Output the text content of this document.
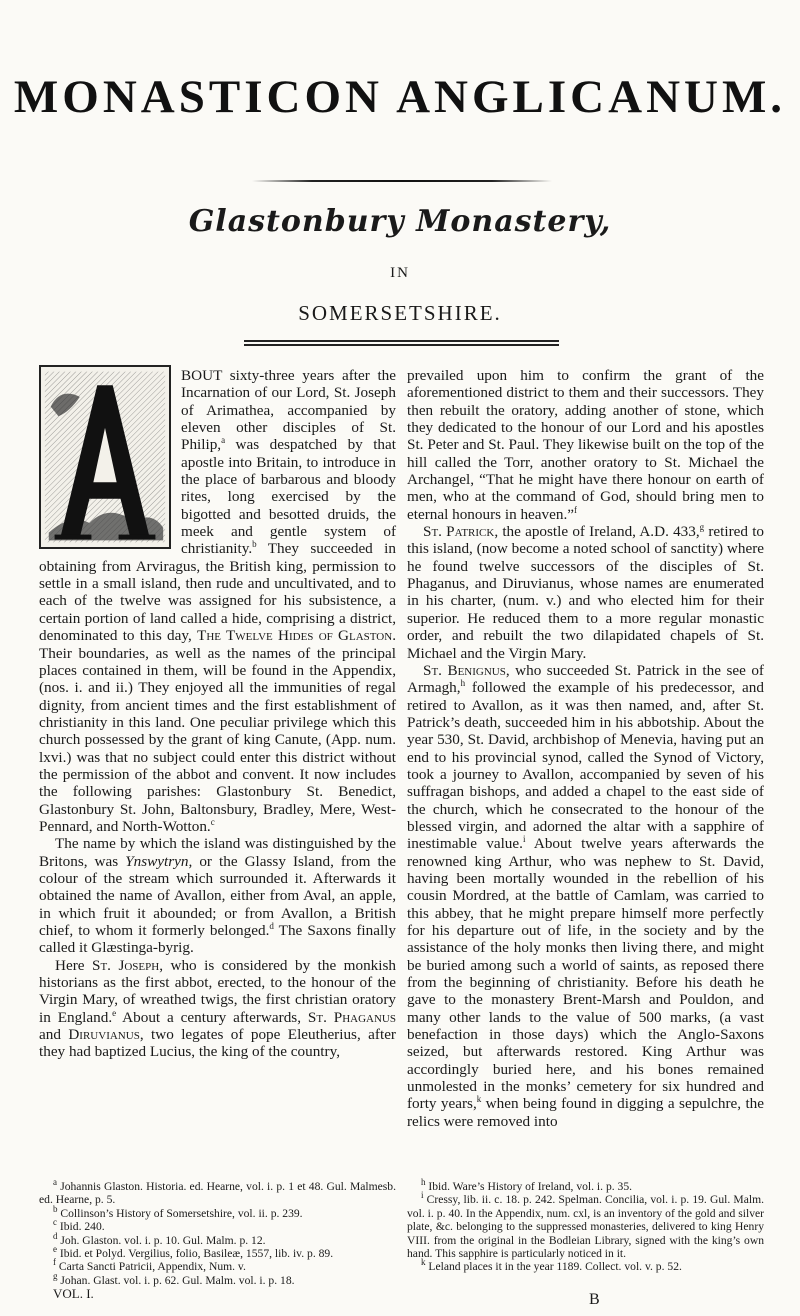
MONASTICON ANGLICANUM.
Glastonbury Monastery,
IN
SOMERSETSHIRE.

BOUT sixty-three years after the Incarnation of our Lord, St. Joseph of Arimathea, accompanied by eleven other disciples of St. Philip,$^a$ was despatched by that apostle into Britain, to introduce in the place of barbarous and bloody rites, long exercised by the bigotted and besotted druids, the meek and gentle system of christianity.$^b$ They succeeded in obtaining from Arviragus, the British king, permission to settle in a small island, then rude and uncultivated, and to each of the twelve was assigned for his subsistence, a certain portion of land called a hide, comprising a district, denominated to this day, The Twelve Hides of Glaston. Their boundaries, as well as the names of the principal places contained in them, will be found in the Appendix, (nos. i. and ii.) They enjoyed all the immunities of regal dignity, from ancient times and the first establishment of christianity in this land. One peculiar privilege which this church possessed by the grant of king Canute, (App. num. lxvi.) was that no subject could enter this district without the permission of the abbot and convent. It now includes the following parishes: Glastonbury St. Benedict, Glastonbury St. John, Baltonsbury, Bradley, Mere, West-Pennard, and North-Wotton.$^c$

The name by which the island was distinguished by the Britons, was Ynswytryn, or the Glassy Island, from the colour of the stream which surrounded it. Afterwards it obtained the name of Avallon, either from Aval, an apple, in which fruit it abounded; or from Avallon, a British chief, to whom it formerly belonged.$^d$ The Saxons finally called it Glæstinga-byrig.

Here St. Joseph, who is considered by the monkish historians as the first abbot, erected, to the honour of the Virgin Mary, of wreathed twigs, the first christian oratory in England.$^e$ About a century afterwards, St. Phaganus and Diruvianus, two legates of pope Eleutherius, after they had baptized Lucius, the king of the country,

prevailed upon him to confirm the grant of the aforementioned district to them and their successors. They then rebuilt the oratory, adding another of stone, which they dedicated to the honour of our Lord and his apostles St. Peter and St. Paul. They likewise built on the top of the hill called the Torr, another oratory to St. Michael the Archangel, “That he might have there honour on earth of men, who at the command of God, should bring men to eternal honours in heaven.”$^f$

St. Patrick, the apostle of Ireland, A.D. 433,$^g$ retired to this island, (now become a noted school of sanctity) where he found twelve successors of the disciples of St. Phaganus, and Diruvianus, whose names are enumerated in his charter, (num. v.) and who elected him for their superior. He reduced them to a more regular monastic order, and rebuilt the two dilapidated chapels of St. Michael and the Virgin Mary.

St. Benignus, who succeeded St. Patrick in the see of Armagh,$^h$ followed the example of his predecessor, and retired to Avallon, as it was then named, and, after St. Patrick’s death, succeeded him in his abbotship. About the year 530, St. David, archbishop of Menevia, having put an end to his provincial synod, called the Synod of Victory, took a journey to Avallon, accompanied by seven of his suffragan bishops, and added a chapel to the east side of the church, which he consecrated to the honour of the blessed virgin, and adorned the altar with a sapphire of inestimable value.$^i$ About twelve years afterwards the renowned king Arthur, who was nephew to St. David, having been mortally wounded in the rebellion of his cousin Mordred, at the battle of Camlam, was carried to this abbey, that he might prepare himself more perfectly for his departure out of life, in the society and by the assistance of the holy monks then living there, and might be buried among such a world of saints, as reposed there from the beginning of christianity. Before his death he gave to the monastery Brent-Marsh and Pouldon, and many other lands to the value of 500 marks, (a vast benefaction in those days) which the Anglo-Saxons seized, but afterwards restored. King Arthur was accordingly buried here, and his bones remained unmolested in the monks’ cemetery for six hundred and forty years,$^k$ when being found in digging a sepulchre, the relics were removed into

$^a$ Johannis Glaston. Historia. ed. Hearne, vol. i. p. 1 et 48. Gul. Malmesb. ed. Hearne, p. 5.
$^b$ Collinson’s History of Somersetshire, vol. ii. p. 239.
$^c$ Ibid. 240.
$^d$ Joh. Glaston. vol. i. p. 10. Gul. Malm. p. 12.
$^e$ Ibid. et Polyd. Vergilius, folio, Basileæ, 1557, lib. iv. p. 89.
$^f$ Carta Sancti Patricii, Appendix, Num. v.
$^g$ Johan. Glast. vol. i. p. 62. Gul. Malm. vol. i. p. 18.
VOL. I.
$^h$ Ibid. Ware’s History of Ireland, vol. i. p. 35.
$^i$ Cressy, lib. ii. c. 18. p. 242. Spelman. Concilia, vol. i. p. 19. Gul. Malm. vol. i. p. 40. In the Appendix, num. cxl, is an inventory of the gold and silver plate, &c. belonging to the suppressed monasteries, delivered to king Henry VIII. from the original in the Bodleian Library, signed with the king’s own hand. This sapphire is particularly noticed in it.
$^k$ Leland places it in the year 1189. Collect. vol. v. p. 52.
B
